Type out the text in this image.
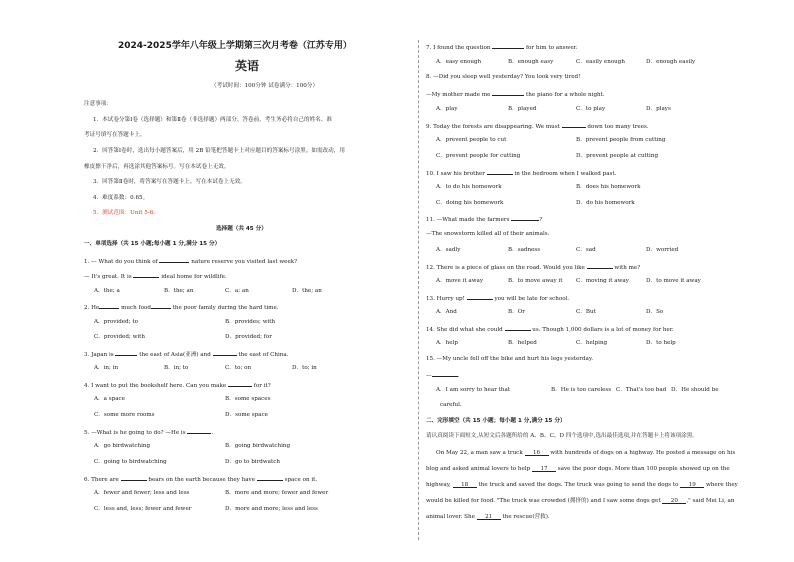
2024-2025学年八年级上学期第三次月考卷（江苏专用）
英语
（考试时间：100分钟 试卷满分：100分）
注意事项：
1．本试卷分第Ⅰ卷（选择题）和第Ⅱ卷（非选择题）两部分。答卷前，考生务必将自己的姓名、准
考证号填写在答题卡上。
2．回答第Ⅰ卷时，选出每小题答案后，用 2B 铅笔把答题卡上对应题目的答案标号涂黑。如需改动，用
橡皮擦干净后，再选涂其他答案标号。写在本试卷上无效。
3．回答第Ⅱ卷时，将答案写在答题卡上。写在本试卷上无效。
4．难度系数：0.65。
5．测试范围：Unit 5-6。
选择题（共 45 分）
一、单项选择（共 15 小题;每小题 1 分,满分 15 分）
1. — What do you think of	nature reserve you visited last week?
— It's great. It is	ideal home for wildlife.
A．the; a	B．the; an	C．a; an	D．the; an
2. He	much food	the poor family during the hard time.
A．provided; to	B．provides; with
C．provided; with	D．provided; for
3. Japan is	the east of Asia(亚洲) and	the east of China.
A．in; in	B．in; to	C．to; on	D．to; in
4. I want to put the bookshelf here. Can you make	for it?
A．a space	B．some spaces
C．some more rooms	D．some space
5. —What is he going to do? —He is	.
A．go birdwatching	B．going birdwatching
C．going to birdwatching	D．go to birdwatch
6. There are	bears on the earth because they have	space on it.
A．fewer and fewer; less and less	B．more and more; fewer and fewer
C．less and, less; fewer and fewer	D．more and more; less and less
7. I found the question	for him to answer.
A．easy enough	B．enough easy	C．easily enough	D．enough easily
8. —Did you sleep well yesterday? You look very tired!
—My mother made me	the piano for a whole night.
A．play	B．played	C．to play	D．plays
9. Today the forests are disappearing. We must	down too many trees.
A．prevent people to cut	B．prevent people from cutting
C．prevent people for cutting	D．prevent people at cutting
10. I saw his brother	in the bedroom when I walked past.
A．to do his homework	B．does his homework
C．doing his homework	D．do his homework
11. —What made the farmers	?
—The snowstorm killed all of their animals.
A．sadly	B．sadness	C．sad	D．worried
12. There is a piece of glass on the road. Would you like	with me?
A．move it away	B．to move away it C．moving it away	D．to move it away
13. Hurry up!	you will be late for school.
A．And	B．Or	C．But	D．So
14. She did what she could	us. Though 1,000 dollars is a lot of money for her.
A．help	B．helped	C．helping	D．to help
15. —My uncle fell off the bike and hurt his legs yesterday.
—	.
A．I am sorry to hear that	B．He is too careless C．That's too bad D．He should be
careful.
二、完形填空（共 15 小题；每小题 1 分,满分 15 分）
请认真阅读下面短文,从短文后各题所给的 A、B、C、D 四个选项中,选出最佳选项,并在答题卡上将该项涂黑。
On May 22, a man saw a truck 16 with hundreds of dogs on a highway. He posted a message on his
blog and asked animal lovers to help 17 save the poor dogs. More than 100 people showed up on the
highway, 18 the truck and saved the dogs. The truck was going to send the dogs to 19 where they
would be killed for food. "The truck was crowded (拥挤的) and I saw some dogs get 20 ," said Mei Li, an
animal lover. She 21 the rescue(营救).
